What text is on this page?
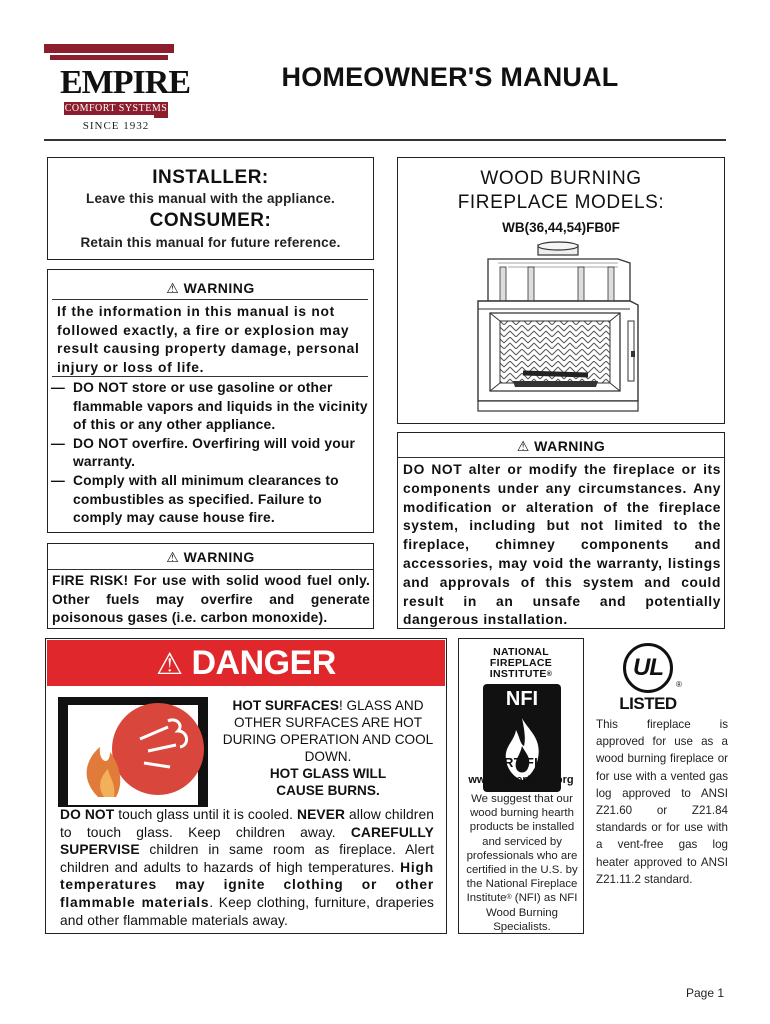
EMPIRE
COMFORT SYSTEMS
SINCE 1932
HOMEOWNER'S MANUAL
INSTALLER:
Leave this manual with the appliance.
CONSUMER:
Retain this manual for future reference.
WOOD BURNING
FIREPLACE MODELS:
WB(36,44,54)FB0F
⚠ WARNING
If the information in this manual is not
followed exactly, a fire or explosion may
result causing property damage, personal
injury or loss of life.
— DO NOT store or use gasoline or other flammable vapors and liquids in the vicinity of this or any other appliance.
— DO NOT overfire. Overfiring will void your warranty.
— Comply with all minimum clearances to combustibles as specified. Failure to comply may cause house fire.
⚠ WARNING
FIRE RISK! For use with solid wood fuel only. Other fuels may overfire and generate poisonous gases (i.e. carbon monoxide).
⚠ WARNING
DO NOT alter or modify the fireplace or its components under any circumstances. Any modification or alteration of the fireplace system, including but not limited to the fireplace, chimney components and accessories, may void the warranty, listings and approvals of this system and could result in an unsafe and potentially dangerous installation.
⚠ DANGER
HOT SURFACES! GLASS AND OTHER SURFACES ARE HOT DURING OPERATION AND COOL DOWN.
HOT GLASS WILL
CAUSE BURNS.
DO NOT touch glass until it is cooled. NEVER allow children to touch glass. Keep children away. CAREFULLY SUPERVISE children in same room as fireplace. Alert children and adults to hazards of high temperatures. High temperatures may ignite clothing or other flammable materials. Keep clothing, furniture, draperies and other flammable materials away.
NATIONAL
FIREPLACE
INSTITUTE®
NFI
CERTIFIED
www.nficertified.org
We suggest that our wood burning hearth products be installed and serviced by professionals who are certified in the U.S. by the National Fireplace Institute® (NFI) as NFI Wood Burning Specialists.
UL
®
LISTED
This fireplace is approved for use as a wood burning fireplace or for use with a vented gas log approved to ANSI Z21.60 or Z21.84 standards or for use with a vent-free gas log heater approved to ANSI Z21.11.2 standard.
Page 1
